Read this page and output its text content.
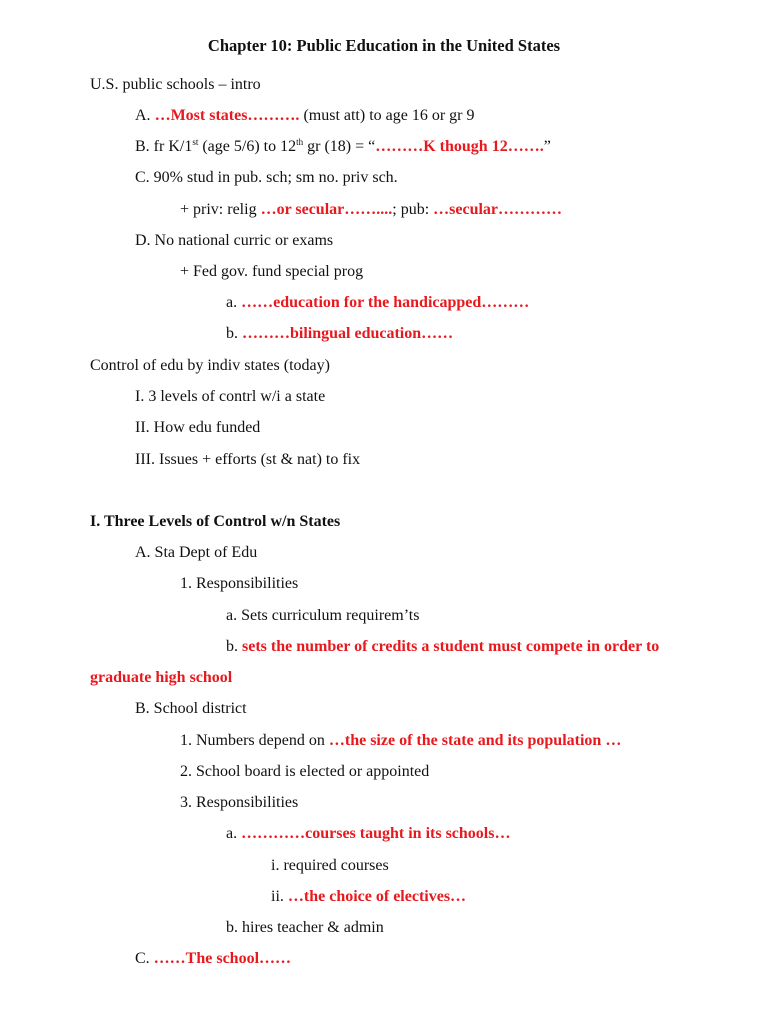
Chapter 10: Public Education in the United States
U.S. public schools – intro
A. …Most states………. (must att) to age 16 or gr 9
B. fr K/1st (age 5/6) to 12th gr (18) = “………K though 12…….”
C. 90% stud in pub. sch; sm no. priv sch.
+ priv: relig …or secular……....; pub: …secular…………
D. No national curric or exams
+ Fed gov. fund special prog
a. ……education for the handicapped………
b. ………bilingual education……
Control of edu by indiv states (today)
I. 3 levels of contrl w/i a state
II. How edu funded
III. Issues + efforts (st & nat) to fix
I. Three Levels of Control w/n States
A. Sta Dept of Edu
1. Responsibilities
a. Sets curriculum requirem’ts
b. sets the number of credits a student must compete in order to
graduate high school
B. School district
1. Numbers depend on …the size of the state and its population …
2. School board is elected or appointed
3. Responsibilities
a. …………courses taught in its schools…
i. required courses
ii. …the choice of electives…
b. hires teacher & admin
C. ……The school……
